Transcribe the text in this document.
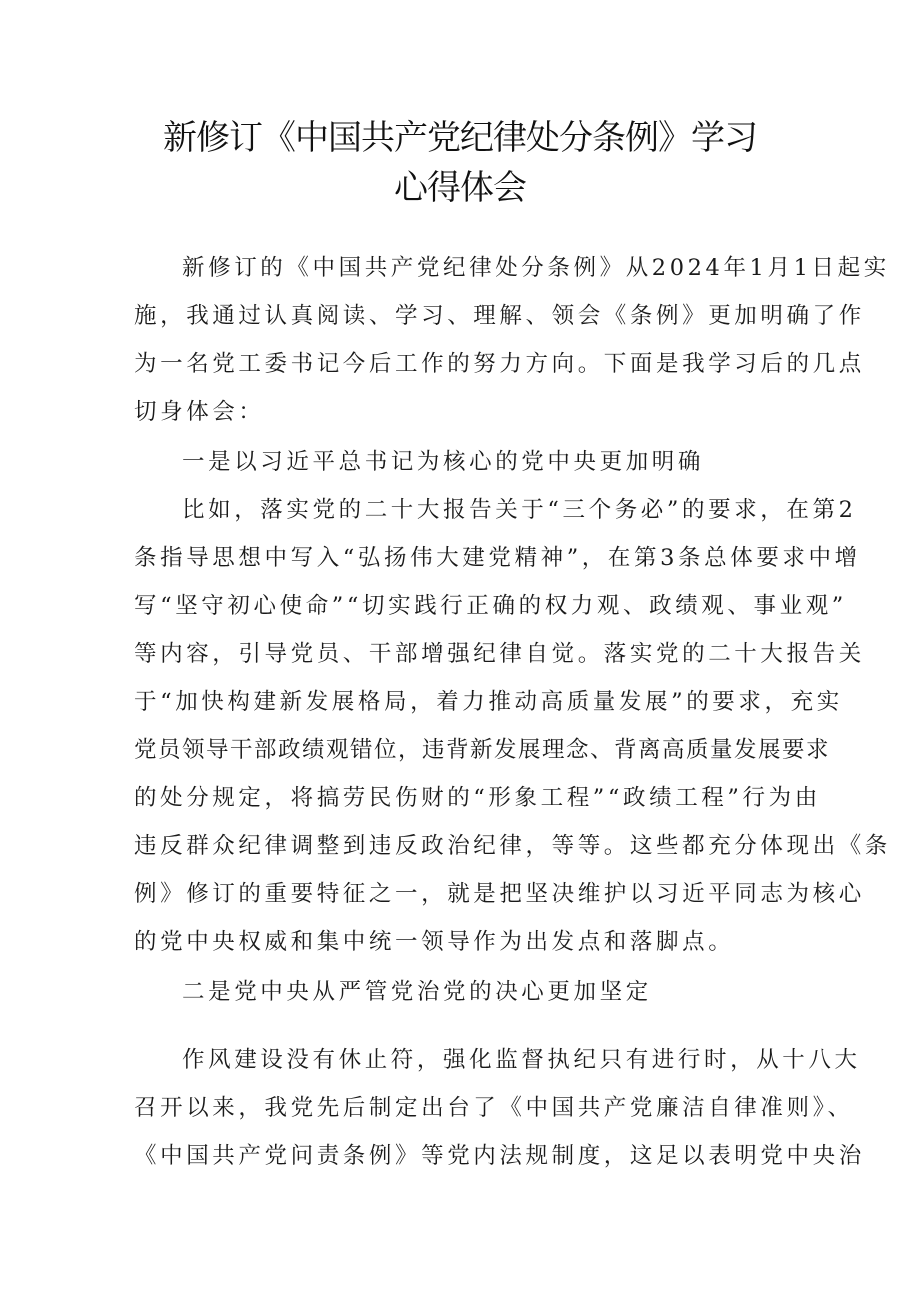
新修订《中国共产党纪律处分条例》学习
心得体会
新修订的《中国共产党纪律处分条例》从2024年1月1日起实
施，我通过认真阅读、学习、理解、领会《条例》更加明确了作
为一名党工委书记今后工作的努力方向。下面是我学习后的几点
切身体会：
一是以习近平总书记为核心的党中央更加明确
比如，落实党的二十大报告关于“三个务必”的要求，在第2
条指导思想中写入“弘扬伟大建党精神”，在第3条总体要求中增
写“坚守初心使命”“切实践行正确的权力观、政绩观、事业观”
等内容，引导党员、干部增强纪律自觉。落实党的二十大报告关
于“加快构建新发展格局，着力推动高质量发展”的要求，充实
党员领导干部政绩观错位，违背新发展理念、背离高质量发展要求
的处分规定，将搞劳民伤财的“形象工程”“政绩工程”行为由
违反群众纪律调整到违反政治纪律，等等。这些都充分体现出《条
例》修订的重要特征之一，就是把坚决维护以习近平同志为核心
的党中央权威和集中统一领导作为出发点和落脚点。
二是党中央从严管党治党的决心更加坚定
作风建设没有休止符，强化监督执纪只有进行时，从十八大
召开以来，我党先后制定出台了《中国共产党廉洁自律准则》、
《中国共产党问责条例》等党内法规制度，这足以表明党中央治
